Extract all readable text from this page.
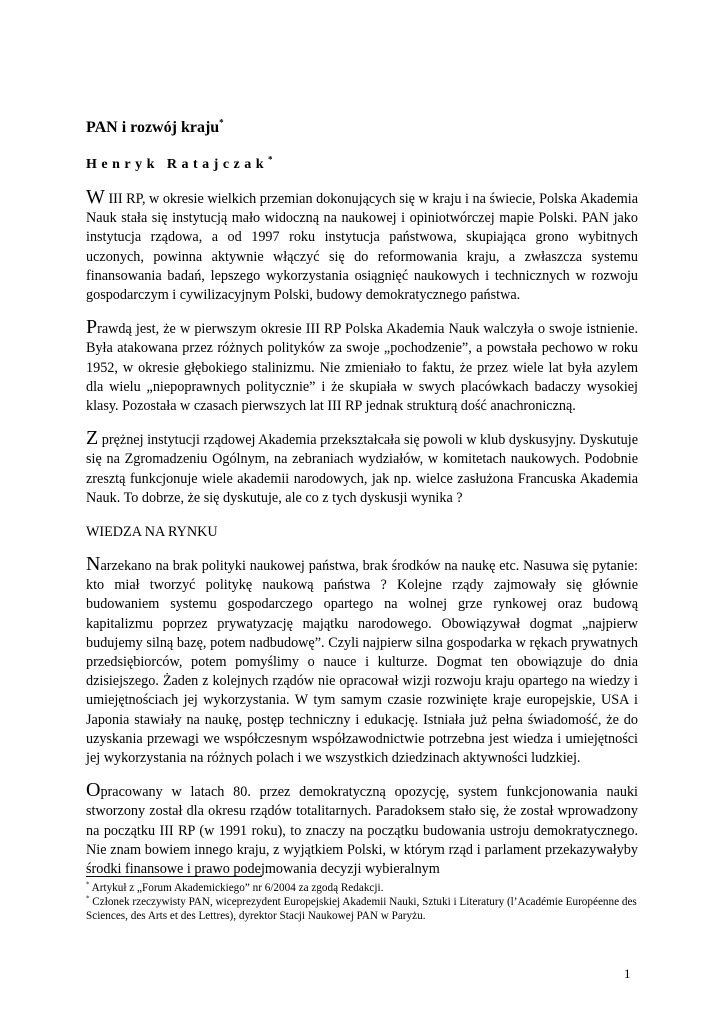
PAN i rozwój kraju*
Henryk Ratajczak*

W III RP, w okresie wielkich przemian dokonujących się w kraju i na świecie, Polska Akademia Nauk stała się instytucją mało widoczną na naukowej i opiniotwórczej mapie Polski. PAN jako instytucja rządowa, a od 1997 roku instytucja państwowa, skupiająca grono wybitnych uczonych, powinna aktywnie włączyć się do reformowania kraju, a zwłaszcza systemu finansowania badań, lepszego wykorzystania osiągnięć naukowych i technicznych w rozwoju gospodarczym i cywilizacyjnym Polski, budowy demokratycznego państwa.

Prawdą jest, że w pierwszym okresie III RP Polska Akademia Nauk walczyła o swoje istnienie. Była atakowana przez różnych polityków za swoje „pochodzenie”, a powstała pechowo w roku 1952, w okresie głębokiego stalinizmu. Nie zmieniało to faktu, że przez wiele lat była azylem dla wielu „niepoprawnych politycznie” i że skupiała w swych placówkach badaczy wysokiej klasy. Pozostała w czasach pierwszych lat III RP jednak strukturą dość anachroniczną.

Z prężnej instytucji rządowej Akademia przekształcała się powoli w klub dyskusyjny. Dyskutuje się na Zgromadzeniu Ogólnym, na zebraniach wydziałów, w komitetach naukowych. Podobnie zresztą funkcjonuje wiele akademii narodowych, jak np. wielce zasłużona Francuska Akademia Nauk. To dobrze, że się dyskutuje, ale co z tych dyskusji wynika ?

WIEDZA NA RYNKU

Narzekano na brak polityki naukowej państwa, brak środków na naukę etc. Nasuwa się pytanie: kto miał tworzyć politykę naukową państwa ? Kolejne rządy zajmowały się głównie budowaniem systemu gospodarczego opartego na wolnej grze rynkowej oraz budową kapitalizmu poprzez prywatyzację majątku narodowego. Obowiązywał dogmat „najpierw budujemy silną bazę, potem nadbudowę”. Czyli najpierw silna gospodarka w rękach prywatnych przedsiębiorców, potem pomyślimy o nauce i kulturze. Dogmat ten obowiązuje do dnia dzisiejszego. Żaden z kolejnych rządów nie opracował wizji rozwoju kraju opartego na wiedzy i umiejętnościach jej wykorzystania. W tym samym czasie rozwinięte kraje europejskie, USA i Japonia stawiały na naukę, postęp techniczny i edukację. Istniała już pełna świadomość, że do uzyskania przewagi we współczesnym współzawodnictwie potrzebna jest wiedza i umiejętności jej wykorzystania na różnych polach i we wszystkich dziedzinach aktywności ludzkiej.

Opracowany w latach 80. przez demokratyczną opozycję, system funkcjonowania nauki stworzony został dla okresu rządów totalitarnych. Paradoksem stało się, że został wprowadzony na początku III RP (w 1991 roku), to znaczy na początku budowania ustroju demokratycznego. Nie znam bowiem innego kraju, z wyjątkiem Polski, w którym rząd i parlament przekazywałyby środki finansowe i prawo podejmowania decyzji wybieralnym

* Artykuł z „Forum Akademickiego” nr 6/2004 za zgodą Redakcji.

* Członek rzeczywisty PAN, wiceprezydent Europejskiej Akademii Nauki, Sztuki i Literatury (l’Académie Européenne des Sciences, des Arts et des Lettres), dyrektor Stacji Naukowej PAN w Paryżu.

1
